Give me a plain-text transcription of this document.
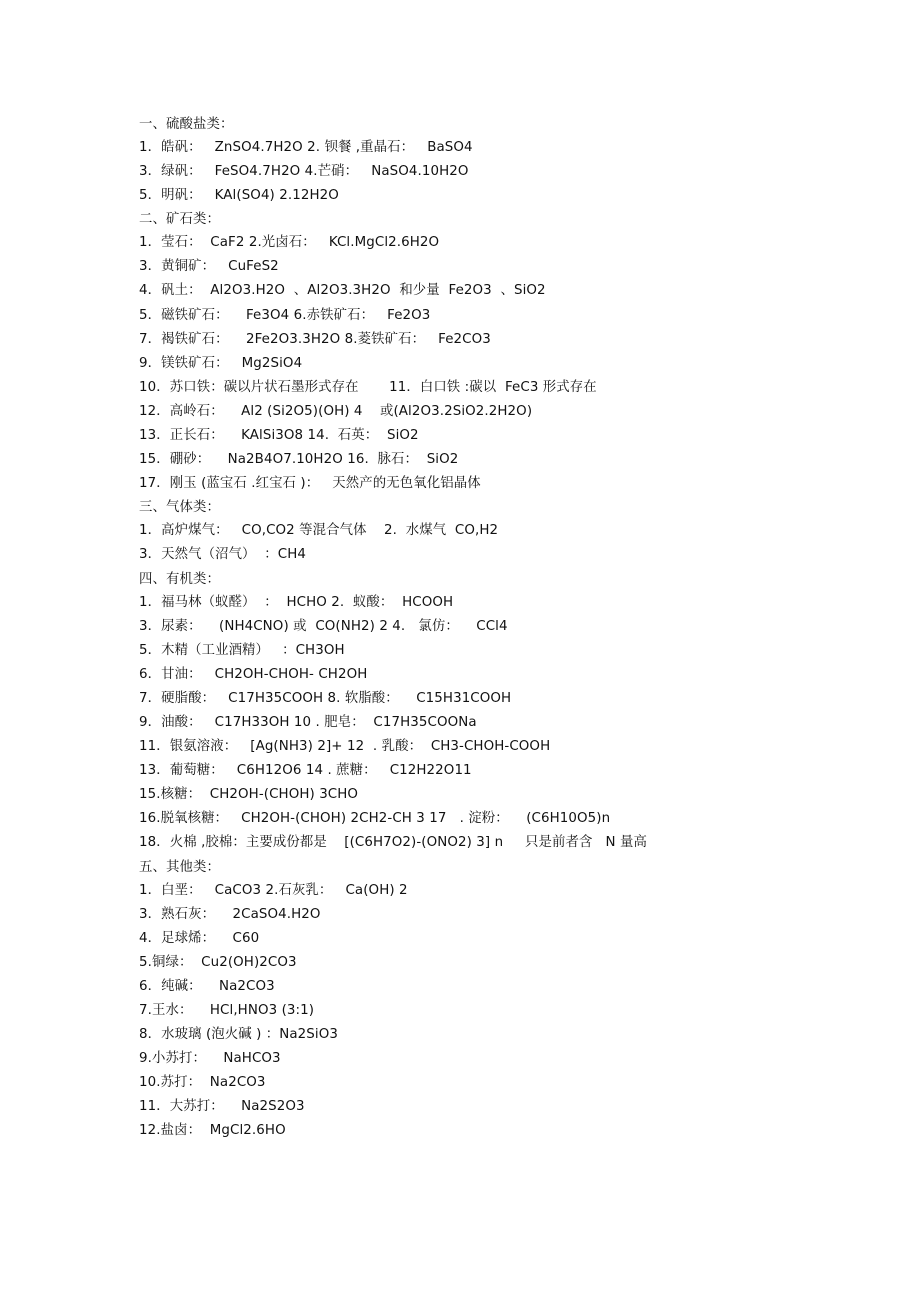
一、硫酸盐类：
1．皓矾：   ZnSO4.7H2O 2. 钡餐 ,重晶石：   BaSO4
3．绿矾：   FeSO4.7H2O 4.芒硝：   NaSO4.10H2O
5．明矾：   KAl(SO4) 2.12H2O
二、矿石类：
1．莹石：  CaF2 2.光卤石：   KCl.MgCl2.6H2O
3．黄铜矿：   CuFeS2
4．矾土：  Al2O3.H2O  、Al2O3.3H2O  和少量  Fe2O3  、SiO2
5．磁铁矿石：    Fe3O4 6.赤铁矿石：   Fe2O3
7．褐铁矿石：    2Fe2O3.3H2O 8.菱铁矿石：   Fe2CO3
9．镁铁矿石：   Mg2SiO4
10．苏口铁：碳以片状石墨形式存在       11．白口铁 :碳以  FeC3 形式存在
12．高岭石：    Al2 (Si2O5)(OH) 4    或(Al2O3.2SiO2.2H2O)
13．正长石：    KAlSi3O8 14.  石英：  SiO2
15．硼砂：    Na2B4O7.10H2O 16.  脉石：  SiO2
17．刚玉 (蓝宝石 .红宝石 )：   天然产的无色氧化铝晶体
三、气体类：
1．高炉煤气：   CO,CO2 等混合气体    2.  水煤气  CO,H2
3．天然气（沼气）  ：CH4
四、有机类：
1．福马林（蚁醛）  ：  HCHO 2.  蚁酸：  HCOOH
3．尿素：    (NH4CNO) 或  CO(NH2) 2 4.   氯仿：    CCl4
5．木精（工业酒精）   ：CH3OH
6．甘油：   CH2OH-CHOH- CH2OH
7．硬脂酸：   C17H35COOH 8. 软脂酸：    C15H31COOH
9．油酸：   C17H33OH 10 . 肥皂：  C17H35COONa
11．银氨溶液：   [Ag(NH3) 2]+ 12  . 乳酸：  CH3-CHOH-COOH
13．葡萄糖：   C6H12O6 14 . 蔗糖：   C12H22O11
15.核糖：  CH2OH-(CHOH) 3CHO
16.脱氧核糖：   CH2OH-(CHOH) 2CH2-CH 3 17   . 淀粉：    (C6H10O5)n
18．火棉 ,胶棉：主要成份都是    [(C6H7O2)-(ONO2) 3] n     只是前者含   N 量高
五、其他类：
1．白垩：   CaCO3 2.石灰乳：   Ca(OH) 2
3．熟石灰：    2CaSO4.H2O
4．足球烯：    C60
5.铜绿：  Cu2(OH)2CO3
6．纯碱：    Na2CO3
7.王水：    HCl,HNO3 (3:1)
8．水玻璃 (泡火碱 ) ：Na2SiO3
9.小苏打：    NaHCO3
10.苏打：  Na2CO3
11．大苏打：    Na2S2O3
12.盐卤：  MgCl2.6HO
